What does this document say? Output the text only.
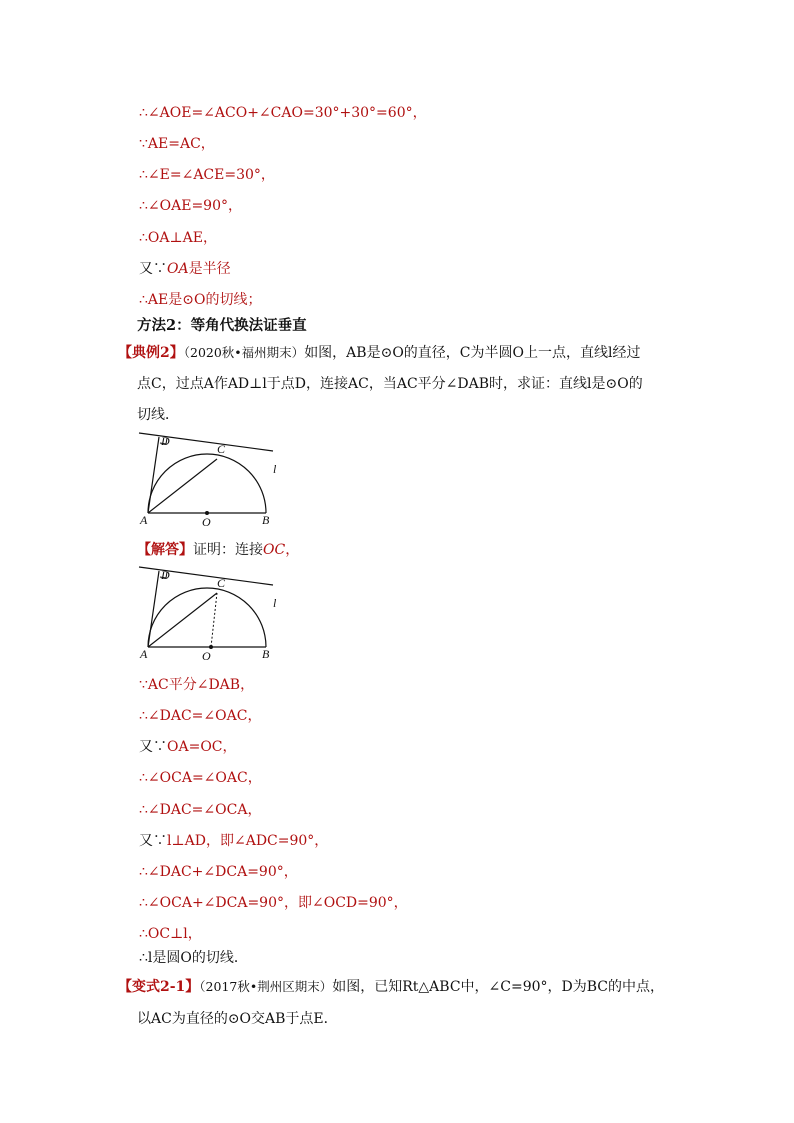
∴∠AOE=∠ACO+∠CAO=30°+30°=60°，
∵AE=AC，
∴∠E=∠ACE=30°，
∴∠OAE=90°，
∴OA⊥AE，
又∵OA是半径
∴AE是⊙O的切线；
方法2：等角代换法证垂直
【典例2】（2020秋•福州期末）如图，AB是⊙O的直径，C为半圆O上一点，直线l经过
点C，过点A作AD⊥l于点D，连接AC，当AC平分∠DAB时，求证：直线l是⊙O的
切线．
D
C
l
A	O	B
【解答】证明：连接OC，
D
C
l
A	O	B
∵AC平分∠DAB，
∴∠DAC=∠OAC，
又∵OA=OC，
∴∠OCA=∠OAC，
∴∠DAC=∠OCA，
又∵l⊥AD，即∠ADC=90°，
∴∠DAC+∠DCA=90°，
∴∠OCA+∠DCA=90°，即∠OCD=90°，
∴OC⊥l，
∴l是圆O的切线．
【变式2-1】（2017秋•荆州区期末）如图，已知Rt△ABC中，∠C=90°，D为BC的中点，
以AC为直径的⊙O交AB于点E．
